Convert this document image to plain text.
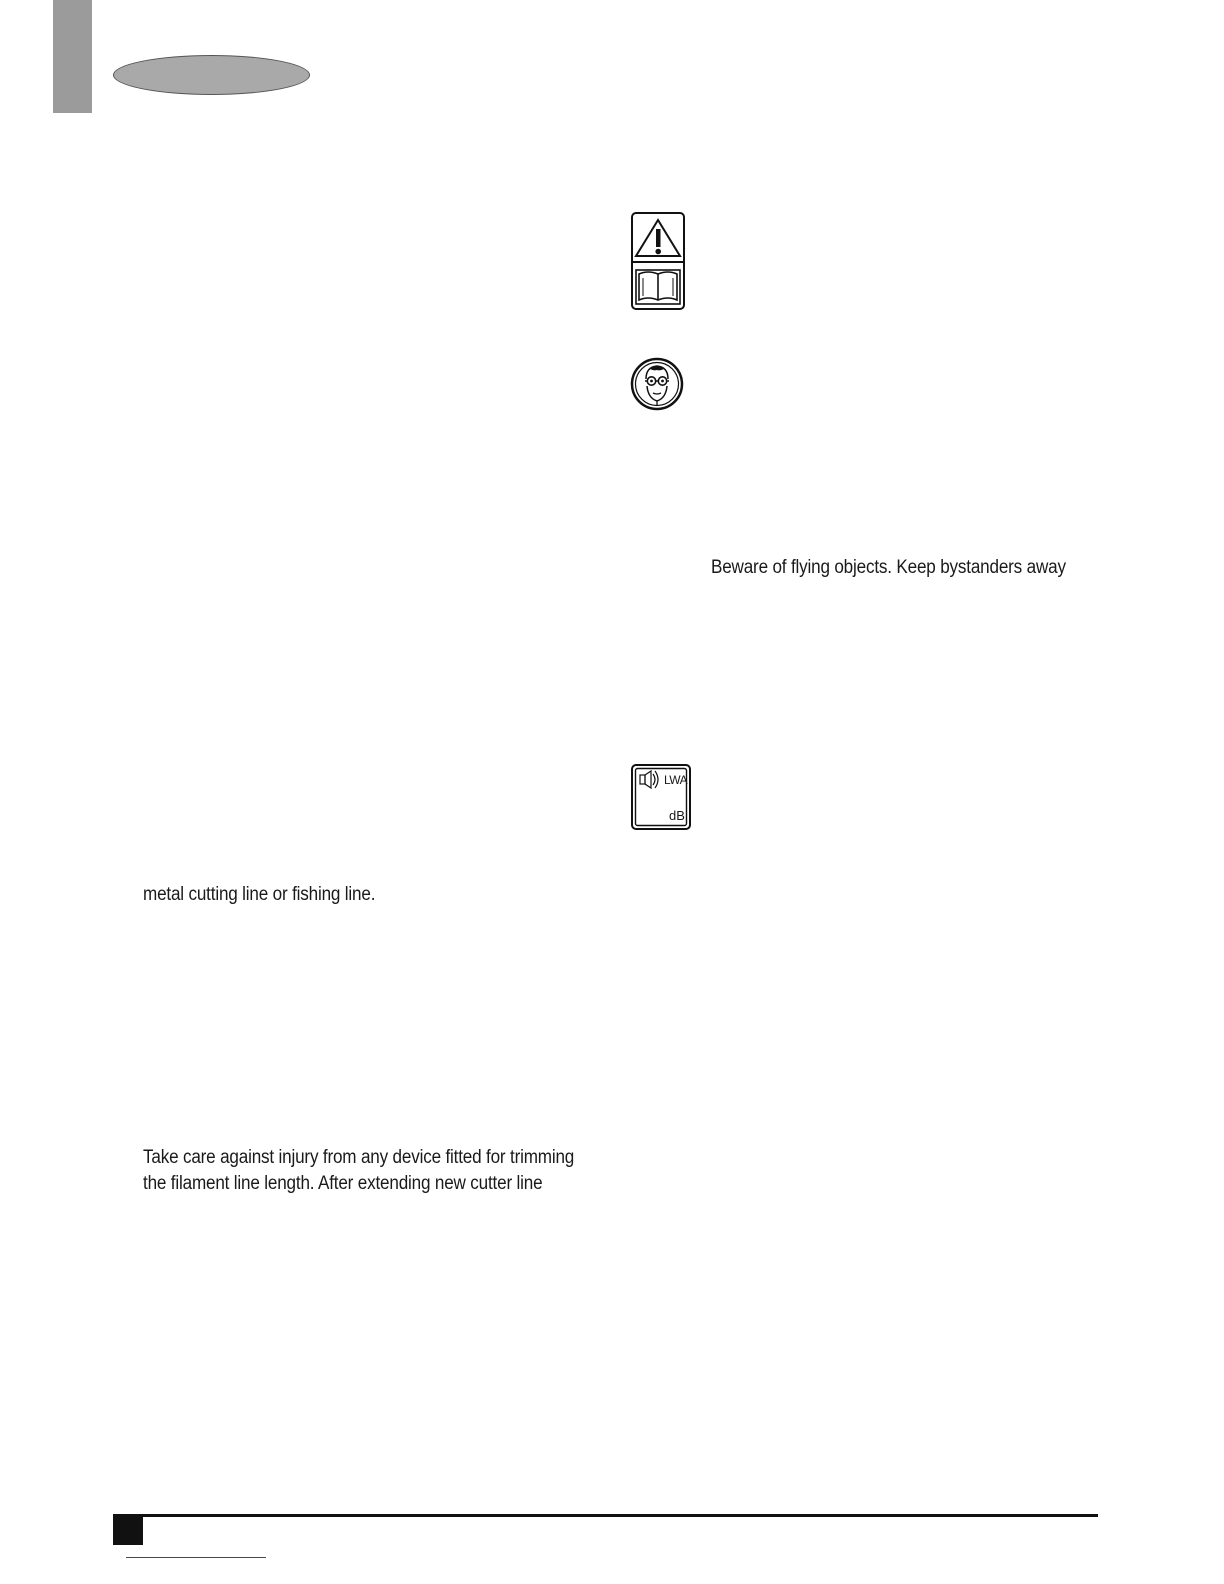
LWA
dB
Beware of flying objects. Keep bystanders away
metal cutting line or fishing line.
Take care against injury from any device fitted for trimming
the filament line length. After extending new cutter line
